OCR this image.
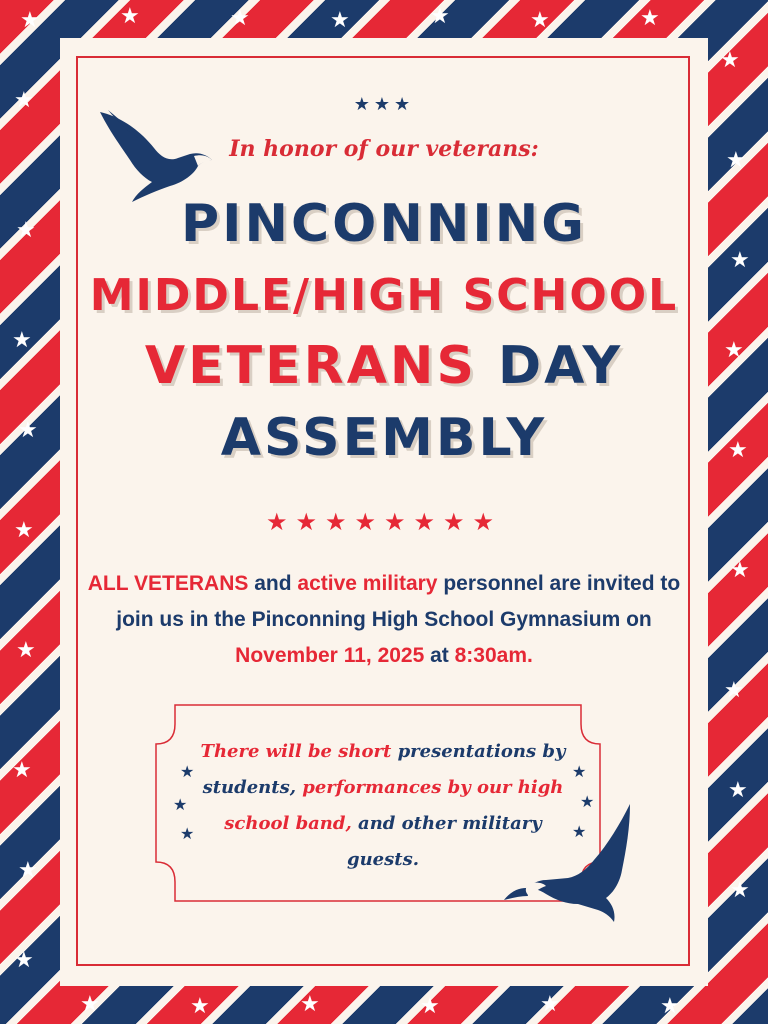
★	★	★	★	★	★	★
★
★
★
★
★
★
★
★
★
★
★
★
★
★
★
★
★
★
★	★	★	★	★	★
★★★
In honor of our veterans:
PINCONNING
MIDDLE/HIGH SCHOOL
VETERANS DAY
ASSEMBLY
★★★★★★★★
ALL VETERANS and active military personnel are invited to join us in the Pinconning High School Gymnasium on November 11, 2025 at 8:30am.
★
★
★
★
★
★
There will be short presentations by students, performances by our high school band, and other military guests.
